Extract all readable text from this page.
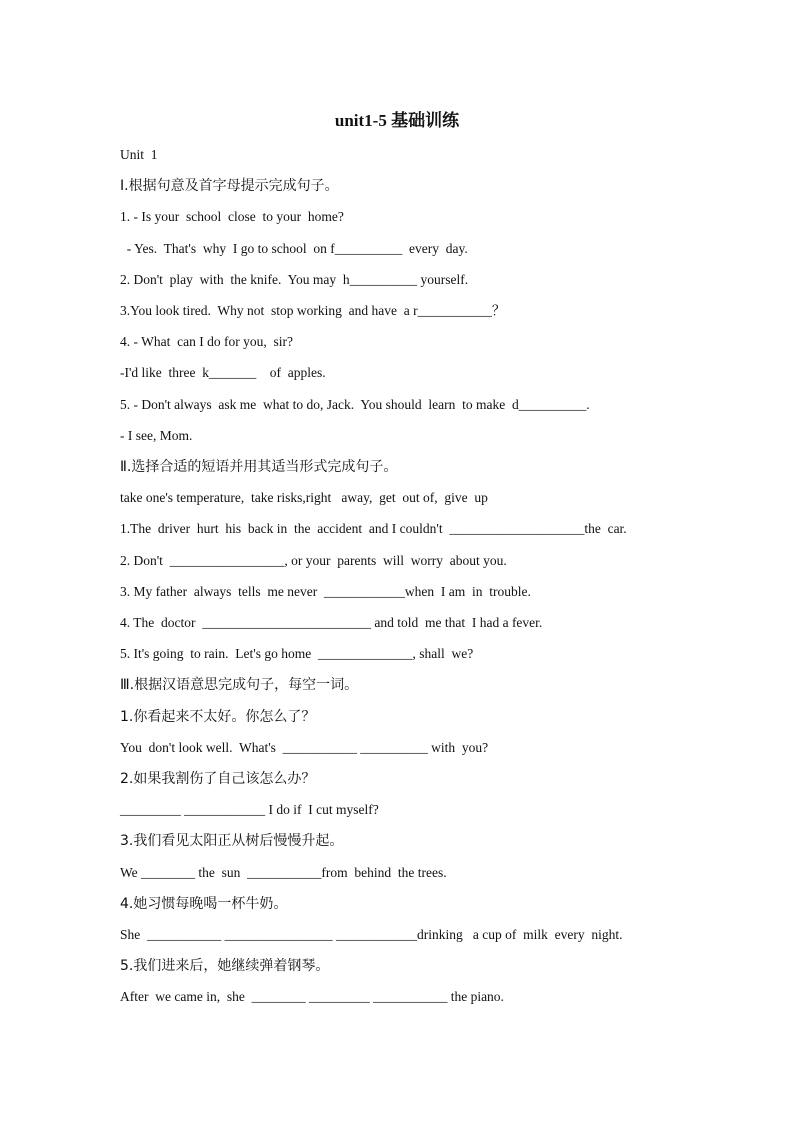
unit1-5 基础训练
Unit  1
I.根据句意及首字母提示完成句子。
1. - Is your  school  close  to your  home?
- Yes.  That's  why  I go to school  on f__________  every  day.
2. Don't  play  with  the knife.  You may  h__________ yourself.
3.You look tired.  Why not  stop working  and have  a r___________？
4. - What  can I do for you,  sir?
-I'd like  three  k_______    of  apples.
5. - Don't always  ask me  what to do, Jack.  You should  learn  to make  d__________.
- I see, Mom.
Ⅱ.选择合适的短语并用其适当形式完成句子。
take one's temperature,  take risks,right   away,  get  out of,  give  up
1.The  driver  hurt  his  back in  the  accident  and I couldn't  ____________________the  car.
2. Don't  _________________, or your  parents  will  worry  about you.
3. My father  always  tells  me never  ____________when  I am  in  trouble.
4. The  doctor  _________________________ and told  me that  I had a fever.
5. It's going  to rain.  Let's go home  ______________, shall  we?
Ⅲ.根据汉语意思完成句子，每空一词。
1.你看起来不太好。你怎么了？
You  don't look well.  What's  ___________ __________ with  you?
2.如果我割伤了自己该怎么办？
_________ ____________ I do if  I cut myself?
3.我们看见太阳正从树后慢慢升起。
We ________ the  sun  ___________from  behind  the trees.
4.她习惯每晚喝一杯牛奶。
She  ___________ ________________ ____________drinking   a cup of  milk  every  night.
5.我们进来后，她继续弹着钢琴。
After  we came in,  she  ________ _________ ___________ the piano.
